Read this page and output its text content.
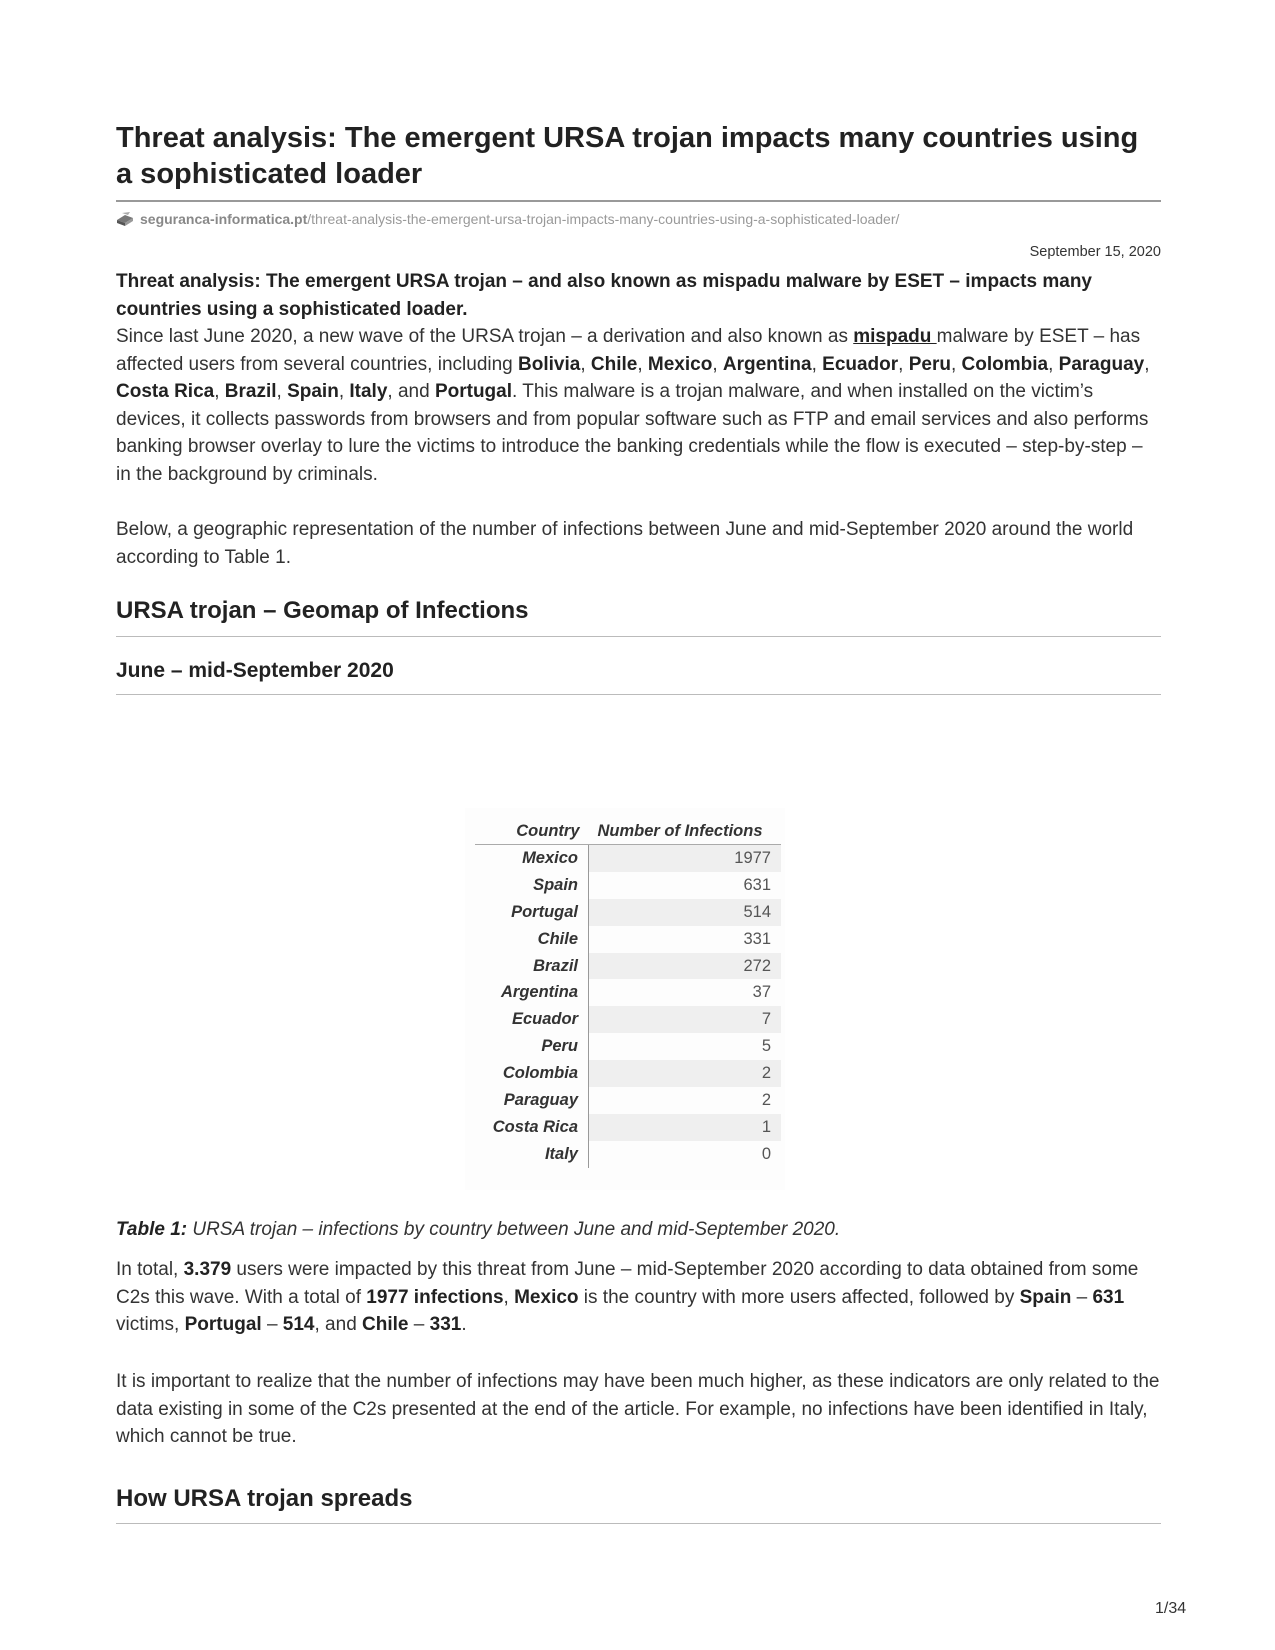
Threat analysis: The emergent URSA trojan impacts many countries using a sophisticated loader
seguranca-informatica.pt/threat-analysis-the-emergent-ursa-trojan-impacts-many-countries-using-a-sophisticated-loader/
September 15, 2020

Threat analysis: The emergent URSA trojan – and also known as mispadu malware by ESET – impacts many countries using a sophisticated loader.

Since last June 2020, a new wave of the URSA trojan – a derivation and also known as mispadu malware by ESET – has affected users from several countries, including Bolivia, Chile, Mexico, Argentina, Ecuador, Peru, Colombia, Paraguay, Costa Rica, Brazil, Spain, Italy, and Portugal. This malware is a trojan malware, and when installed on the victim’s devices, it collects passwords from browsers and from popular software such as FTP and email services and also performs banking browser overlay to lure the victims to introduce the banking credentials while the flow is executed – step-by-step – in the background by criminals.

Below, a geographic representation of the number of infections between June and mid-September 2020 around the world according to Table 1.

URSA trojan – Geomap of Infections
June – mid-September 2020
Country	Number of Infections
Mexico	1977
Spain	631
Portugal	514
Chile	331
Brazil	272
Argentina	37
Ecuador	7
Peru	5
Colombia	2
Paraguay	2
Costa Rica	1
Italy	0
Table 1: URSA trojan – infections by country between June and mid-September 2020.

In total, 3.379 users were impacted by this threat from June – mid-September 2020 according to data obtained from some C2s this wave. With a total of 1977 infections, Mexico is the country with more users affected, followed by Spain – 631 victims, Portugal – 514, and Chile – 331.

It is important to realize that the number of infections may have been much higher, as these indicators are only related to the data existing in some of the C2s presented at the end of the article. For example, no infections have been identified in Italy, which cannot be true.

How URSA trojan spreads
1/34
